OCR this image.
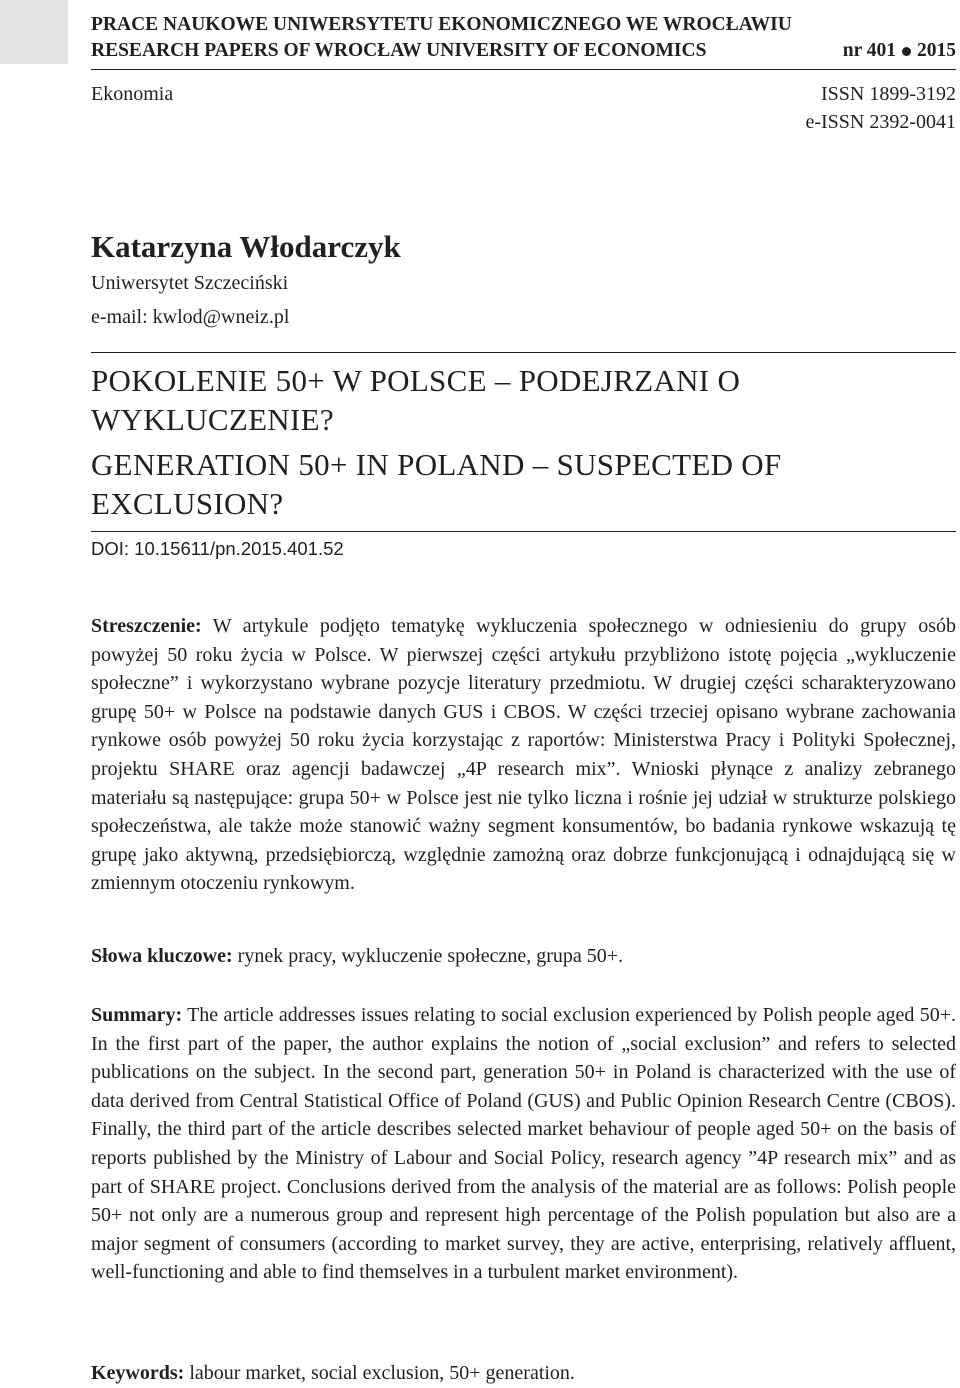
PRACE NAUKOWE UNIWERSYTETU EKONOMICZNEGO WE WROCŁAWIU
RESEARCH PAPERS OF WROCŁAW UNIVERSITY OF ECONOMICS	nr 401 2015
Ekonomia	ISSN 1899-3192
e-ISSN 2392-0041
Katarzyna Włodarczyk
Uniwersytet Szczeciński
e-mail: kwlod@wneiz.pl
POKOLENIE 50+ W POLSCE – PODEJRZANI O WYKLUCZENIE?
GENERATION 50+ IN POLAND – SUSPECTED OF EXCLUSION?
DOI: 10.15611/pn.2015.401.52
Streszczenie: W artykule podjęto tematykę wykluczenia społecznego w odniesieniu do grupy osób powyżej 50 roku życia w Polsce. W pierwszej części artykułu przybliżono istotę pojęcia „wykluczenie społeczne” i wykorzystano wybrane pozycje literatury przedmiotu. W drugiej części scharakteryzowano grupę 50+ w Polsce na podstawie danych GUS i CBOS. W części trzeciej opisano wybrane zachowania rynkowe osób powyżej 50 roku życia korzystając z raportów: Ministerstwa Pracy i Polityki Społecznej, projektu SHARE oraz agencji badawczej „4P research mix”. Wnioski płynące z analizy zebranego materiału są następujące: grupa 50+ w Polsce jest nie tylko liczna i rośnie jej udział w strukturze polskiego społeczeństwa, ale także może stanowić ważny segment konsumentów, bo badania rynkowe wskazują tę grupę jako aktywną, przedsiębiorczą, względnie zamożną oraz dobrze funkcjonującą i odnajdującą się w zmiennym otoczeniu rynkowym.
Słowa kluczowe: rynek pracy, wykluczenie społeczne, grupa 50+.
Summary: The article addresses issues relating to social exclusion experienced by Polish people aged 50+. In the first part of the paper, the author explains the notion of „social exclusion” and refers to selected publications on the subject. In the second part, generation 50+ in Poland is characterized with the use of data derived from Central Statistical Office of Poland (GUS) and Public Opinion Research Centre (CBOS). Finally, the third part of the article describes selected market behaviour of people aged 50+ on the basis of reports published by the Ministry of Labour and Social Policy, research agency ”4P research mix” and as part of SHARE project. Conclusions derived from the analysis of the material are as follows: Polish people 50+ not only are a numerous group and represent high percentage of the Polish population but also are a major segment of consumers (according to market survey, they are active, enterprising, relatively affluent, well-functioning and able to find themselves in a turbulent market environment).
Keywords: labour market, social exclusion, 50+ generation.
